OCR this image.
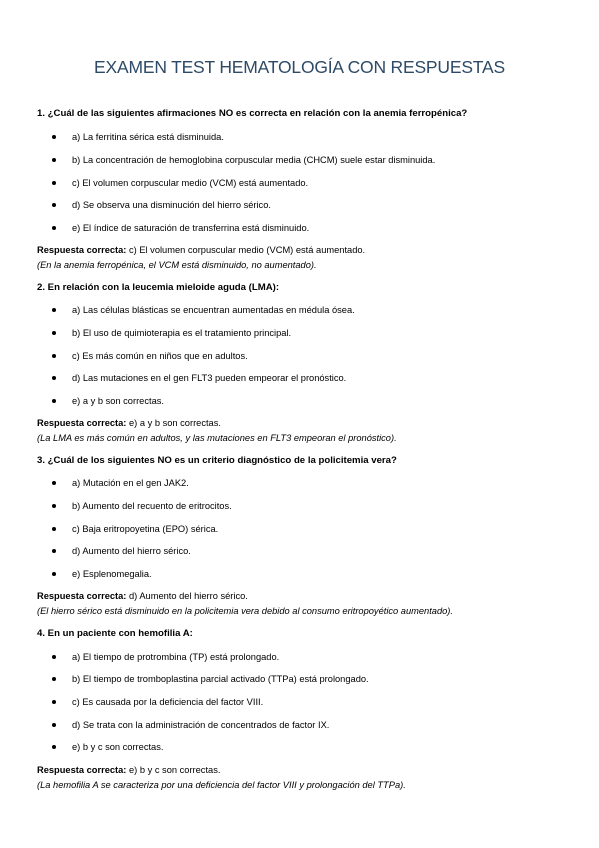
EXAMEN TEST HEMATOLOGÍA CON RESPUESTAS
1. ¿Cuál de las siguientes afirmaciones NO es correcta en relación con la anemia ferropénica?
a) La ferritina sérica está disminuida.
b) La concentración de hemoglobina corpuscular media (CHCM) suele estar disminuida.
c) El volumen corpuscular medio (VCM) está aumentado.
d) Se observa una disminución del hierro sérico.
e) El índice de saturación de transferrina está disminuido.
Respuesta correcta: c) El volumen corpuscular medio (VCM) está aumentado.
(En la anemia ferropénica, el VCM está disminuido, no aumentado).
2. En relación con la leucemia mieloide aguda (LMA):
a) Las células blásticas se encuentran aumentadas en médula ósea.
b) El uso de quimioterapia es el tratamiento principal.
c) Es más común en niños que en adultos.
d) Las mutaciones en el gen FLT3 pueden empeorar el pronóstico.
e) a y b son correctas.
Respuesta correcta: e) a y b son correctas.
(La LMA es más común en adultos, y las mutaciones en FLT3 empeoran el pronóstico).
3. ¿Cuál de los siguientes NO es un criterio diagnóstico de la policitemia vera?
a) Mutación en el gen JAK2.
b) Aumento del recuento de eritrocitos.
c) Baja eritropoyetina (EPO) sérica.
d) Aumento del hierro sérico.
e) Esplenomegalia.
Respuesta correcta: d) Aumento del hierro sérico.
(El hierro sérico está disminuido en la policitemia vera debido al consumo eritropoyético aumentado).
4. En un paciente con hemofilia A:
a) El tiempo de protrombina (TP) está prolongado.
b) El tiempo de tromboplastina parcial activado (TTPa) está prolongado.
c) Es causada por la deficiencia del factor VIII.
d) Se trata con la administración de concentrados de factor IX.
e) b y c son correctas.
Respuesta correcta: e) b y c son correctas.
(La hemofilia A se caracteriza por una deficiencia del factor VIII y prolongación del TTPa).
